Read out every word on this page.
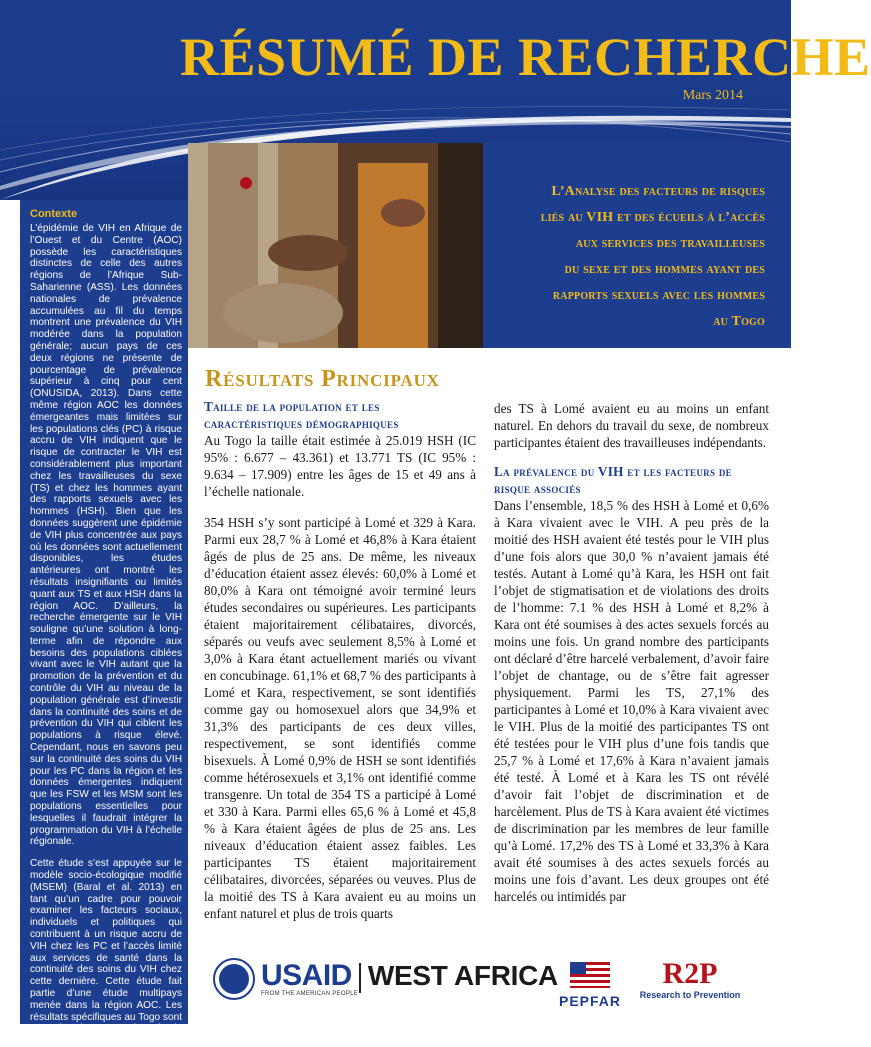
RÉSUMÉ DE RECHERCHE
Mars 2014
Contexte

L’épidémie de VIH en Afrique de l’Ouest et du Centre (AOC) possède les caractéristiques distinctes de celle des autres régions de l’Afrique Sub-Saharienne (ASS). Les données nationales de prévalence accumulées au fil du temps montrent une prévalence du VIH modérée dans la population générale; aucun pays de ces deux régions ne présente de pourcentage de prévalence supérieur à cinq pour cent (ONUSIDA, 2013). Dans cette même région AOC les données émergeantes mais limitées sur les populations clés (PC) à risque accru de VIH indiquent que le risque de contracter le VIH est considérablement plus important chez les travailleuses du sexe (TS) et chez les hommes ayant des rapports sexuels avec les hommes (HSH). Bien que les données suggèrent une épidémie de VIH plus concentrée aux pays où les données sont actuellement disponibles, les études antérieures ont montré les résultats insignifiants ou limités quant aux TS et aux HSH dans la région AOC. D’ailleurs, la recherche émergente sur le VIH souligne qu’une solution à long-terme afin de répondre aux besoins des populations ciblées vivant avec le VIH autant que la promotion de la prévention et du contrôle du VIH au niveau de la population générale est d’investir dans la continuité des soins et de prévention du VIH qui ciblent les populations à risque élevé. Cependant, nous en savons peu sur la continuité des soins du VIH pour les PC dans la région et les données émergentes indiquent que les FSW et les MSM sont les populations essentielles pour lesquelles il faudrait intégrer la programmation du VIH à l’échelle régionale.

Cette étude s’est appuyée sur le modèle socio-écologique modifié (MSEM) (Baral et al. 2013) en tant qu’un cadre pour pouvoir examiner les facteurs sociaux, individuels et politiques qui contribuent à un risque accru de VIH chez les PC et l’accès limité aux services de santé dans la continuité des soins du VIH chez cette dernière. Cette étude fait partie d’une étude multipays menée dans la région AOC. Les résultats spécifiques au Togo sont exposés dans ce résumé de recherche.

L’Analyse des facteurs de risques
liés au VIH et des écueils à l’accès
aux services des travailleuses
du sexe et des hommes ayant des
rapports sexuels avec les hommes
au Togo
Résultats Principaux
Taille de la population et les caractéristiques démographiques

Au Togo la taille était estimée à 25.019 HSH (IC 95% : 6.677 – 43.361) et 13.771 TS (IC 95% : 9.634 – 17.909) entre les âges de 15 et 49 ans à l’échelle nationale.

354 HSH s’y sont participé à Lomé et 329 à Kara. Parmi eux 28,7 % à Lomé et 46,8% à Kara étaient âgés de plus de 25 ans. De même, les niveaux d’éducation étaient assez élevés: 60,0% à Lomé et 80,0% à Kara ont témoigné avoir terminé leurs études secondaires ou supérieures. Les participants étaient majoritairement célibataires, divorcés, séparés ou veufs avec seulement 8,5% à Lomé et 3,0% à Kara étant actuellement mariés ou vivant en concubinage. 61,1% et 68,7 % des participants à Lomé et Kara, respectivement, se sont identifiés comme gay ou homosexuel alors que 34,9% et 31,3% des participants de ces deux villes, respectivement, se sont identifiés comme bisexuels. À Lomé 0,9% de HSH se sont identifiés comme hétérosexuels et 3,1% ont identifié comme transgenre. Un total de 354 TS a participé à Lomé et 330 à Kara. Parmi elles 65,6 % à Lomé et 45,8 % à Kara étaient âgées de plus de 25 ans. Les niveaux d’éducation étaient assez faibles. Les participantes TS étaient majoritairement célibataires, divorcées, séparées ou veuves. Plus de la moitié des TS à Kara avaient eu au moins un enfant naturel et plus de trois quarts

des TS à Lomé avaient eu au moins un enfant naturel. En dehors du travail du sexe, de nombreux participantes étaient des travailleuses indépendants.

La prévalence du VIH et les facteurs de risque associés

Dans l’ensemble, 18,5 % des HSH à Lomé et 0,6% à Kara vivaient avec le VIH. A peu près de la moitié des HSH avaient été testés pour le VIH plus d’une fois alors que 30,0 % n’avaient jamais été testés. Autant à Lomé qu’à Kara, les HSH ont fait l’objet de stigmatisation et de violations des droits de l’homme: 7.1 % des HSH à Lomé et 8,2% à Kara ont été soumises à des actes sexuels forcés au moins une fois. Un grand nombre des participants ont déclaré d’être harcelé verbalement, d’avoir faire l’objet de chantage, ou de s’être fait agresser physiquement. Parmi les TS, 27,1% des participantes à Lomé et 10,0% à Kara vivaient avec le VIH. Plus de la moitié des participantes TS ont été testées pour le VIH plus d’une fois tandis que 25,7 % à Lomé et 17,6% à Kara n’avaient jamais été testé. À Lomé et à Kara les TS ont révélé d’avoir fait l’objet de discrimination et de harcèlement. Plus de TS à Kara avaient été victimes de discrimination par les membres de leur famille qu’à Lomé. 17,2% des TS à Lomé et 33,3% à Kara avait été soumises à des actes sexuels forcés au moins une fois d’avant. Les deux groupes ont été harcelés ou intimidés par

USAID WEST AFRICA
FROM THE AMERICAN PEOPLE	PEPFAR
R2P
Research to Prevention
